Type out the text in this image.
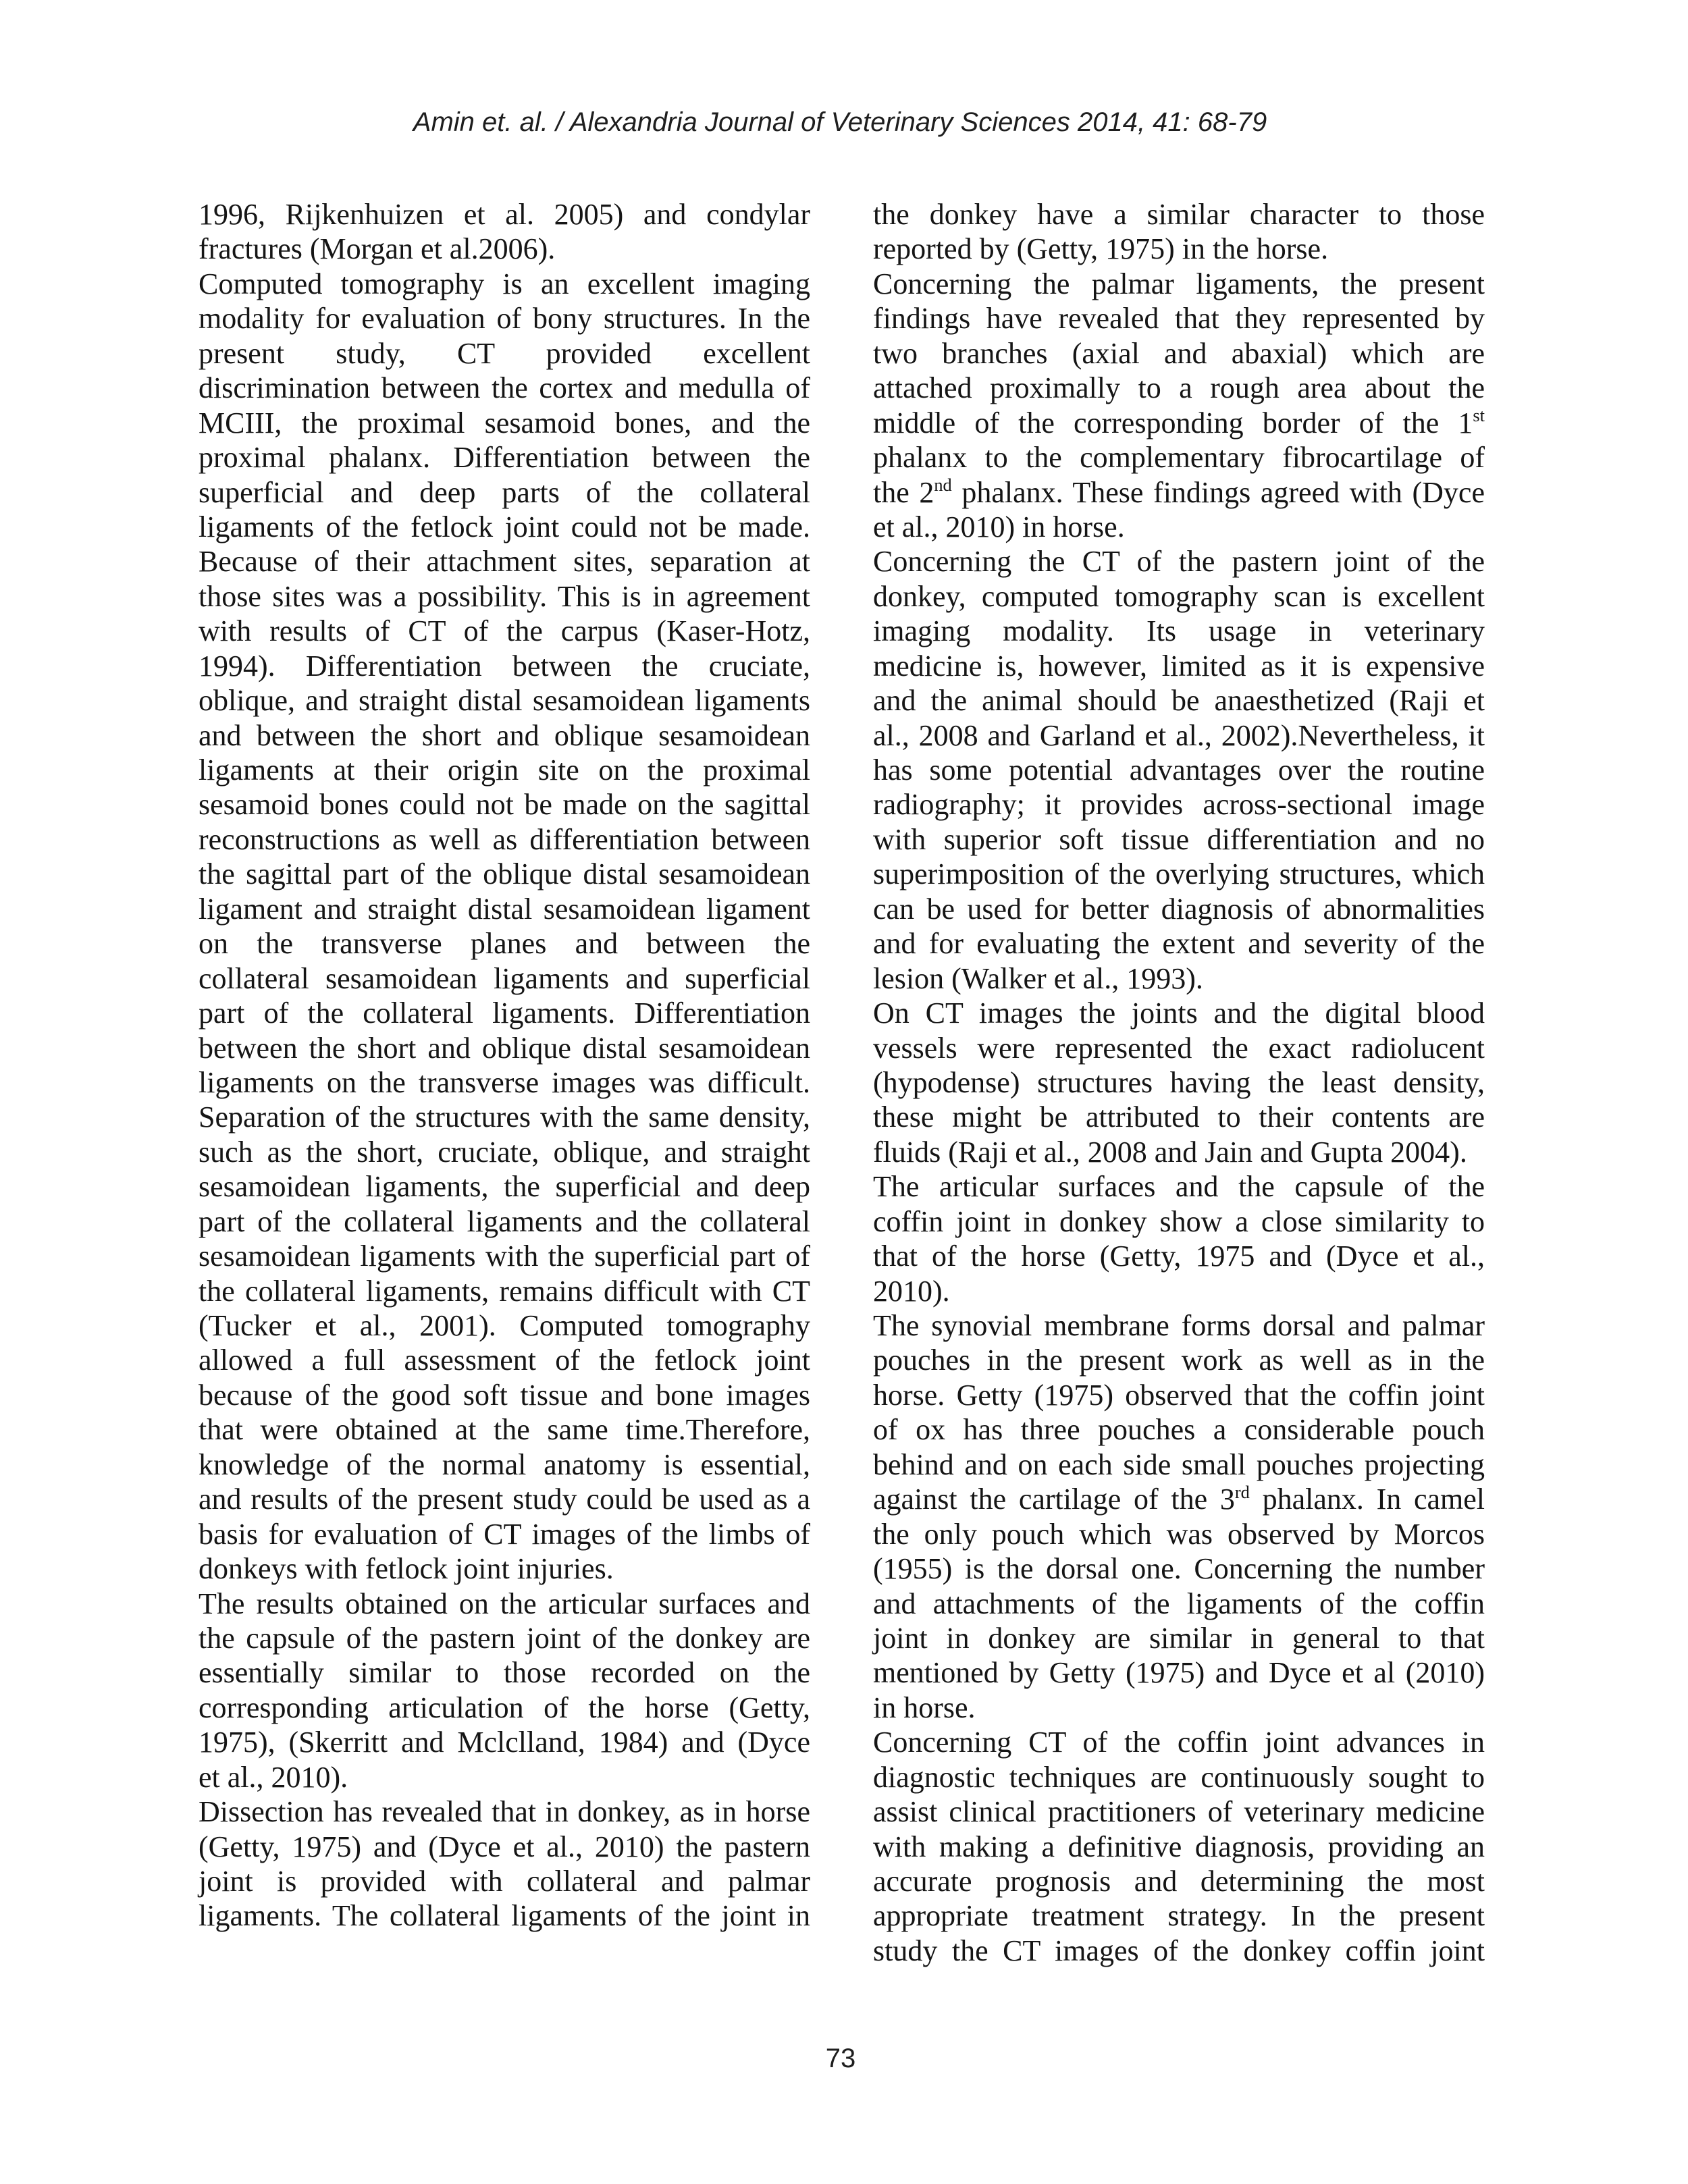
Amin et. al. / Alexandria Journal of Veterinary Sciences 2014, 41: 68-79
1996, Rijkenhuizen et al. 2005) and condylar
fractures (Morgan et al.2006).
Computed tomography is an excellent imaging
modality for evaluation of bony structures. In the
present study, CT provided excellent
discrimination between the cortex and medulla of
MCIII, the proximal sesamoid bones, and the
proximal phalanx. Differentiation between the
superficial and deep parts of the collateral
ligaments of the fetlock joint could not be made.
Because of their attachment sites, separation at
those sites was a possibility. This is in agreement
with results of CT of the carpus (Kaser-Hotz,
1994). Differentiation between the cruciate,
oblique, and straight distal sesamoidean ligaments
and between the short and oblique sesamoidean
ligaments at their origin site on the proximal
sesamoid bones could not be made on the sagittal
reconstructions as well as differentiation between
the sagittal part of the oblique distal sesamoidean
ligament and straight distal sesamoidean ligament
on the transverse planes and between the
collateral sesamoidean ligaments and superficial
part of the collateral ligaments. Differentiation
between the short and oblique distal sesamoidean
ligaments on the transverse images was difficult.
Separation of the structures with the same density,
such as the short, cruciate, oblique, and straight
sesamoidean ligaments, the superficial and deep
part of the collateral ligaments and the collateral
sesamoidean ligaments with the superficial part of
the collateral ligaments, remains difficult with CT
(Tucker et al., 2001). Computed tomography
allowed a full assessment of the fetlock joint
because of the good soft tissue and bone images
that were obtained at the same time.Therefore,
knowledge of the normal anatomy is essential,
and results of the present study could be used as a
basis for evaluation of CT images of the limbs of
donkeys with fetlock joint injuries.
The results obtained on the articular surfaces and
the capsule of the pastern joint of the donkey are
essentially similar to those recorded on the
corresponding articulation of the horse (Getty,
1975), (Skerritt and Mclclland, 1984) and (Dyce
et al., 2010).
Dissection has revealed that in donkey, as in horse
(Getty, 1975) and (Dyce et al., 2010) the pastern
joint is provided with collateral and palmar
ligaments. The collateral ligaments of the joint in
the donkey have a similar character to those
reported by (Getty, 1975) in the horse.
Concerning the palmar ligaments, the present
findings have revealed that they represented by
two branches (axial and abaxial) which are
attached proximally to a rough area about the
middle of the corresponding border of the 1st
phalanx to the complementary fibrocartilage of
the 2nd phalanx. These findings agreed with (Dyce
et al., 2010) in horse.
Concerning the CT of the pastern joint of the
donkey, computed tomography scan is excellent
imaging modality. Its usage in veterinary
medicine is, however, limited as it is expensive
and the animal should be anaesthetized (Raji et
al., 2008 and Garland et al., 2002).Nevertheless, it
has some potential advantages over the routine
radiography; it provides across-sectional image
with superior soft tissue differentiation and no
superimposition of the overlying structures, which
can be used for better diagnosis of abnormalities
and for evaluating the extent and severity of the
lesion (Walker et al., 1993).
On CT images the joints and the digital blood
vessels were represented the exact radiolucent
(hypodense) structures having the least density,
these might be attributed to their contents are
fluids (Raji et al., 2008 and Jain and Gupta 2004).
The articular surfaces and the capsule of the
coffin joint in donkey show a close similarity to
that of the horse (Getty, 1975 and (Dyce et al.,
2010).
The synovial membrane forms dorsal and palmar
pouches in the present work as well as in the
horse. Getty (1975) observed that the coffin joint
of ox has three pouches a considerable pouch
behind and on each side small pouches projecting
against the cartilage of the 3rd phalanx. In camel
the only pouch which was observed by Morcos
(1955) is the dorsal one. Concerning the number
and attachments of the ligaments of the coffin
joint in donkey are similar in general to that
mentioned by Getty (1975) and Dyce et al (2010)
in horse.
Concerning CT of the coffin joint advances in
diagnostic techniques are continuously sought to
assist clinical practitioners of veterinary medicine
with making a definitive diagnosis, providing an
accurate prognosis and determining the most
appropriate treatment strategy. In the present
study the CT images of the donkey coffin joint
73
